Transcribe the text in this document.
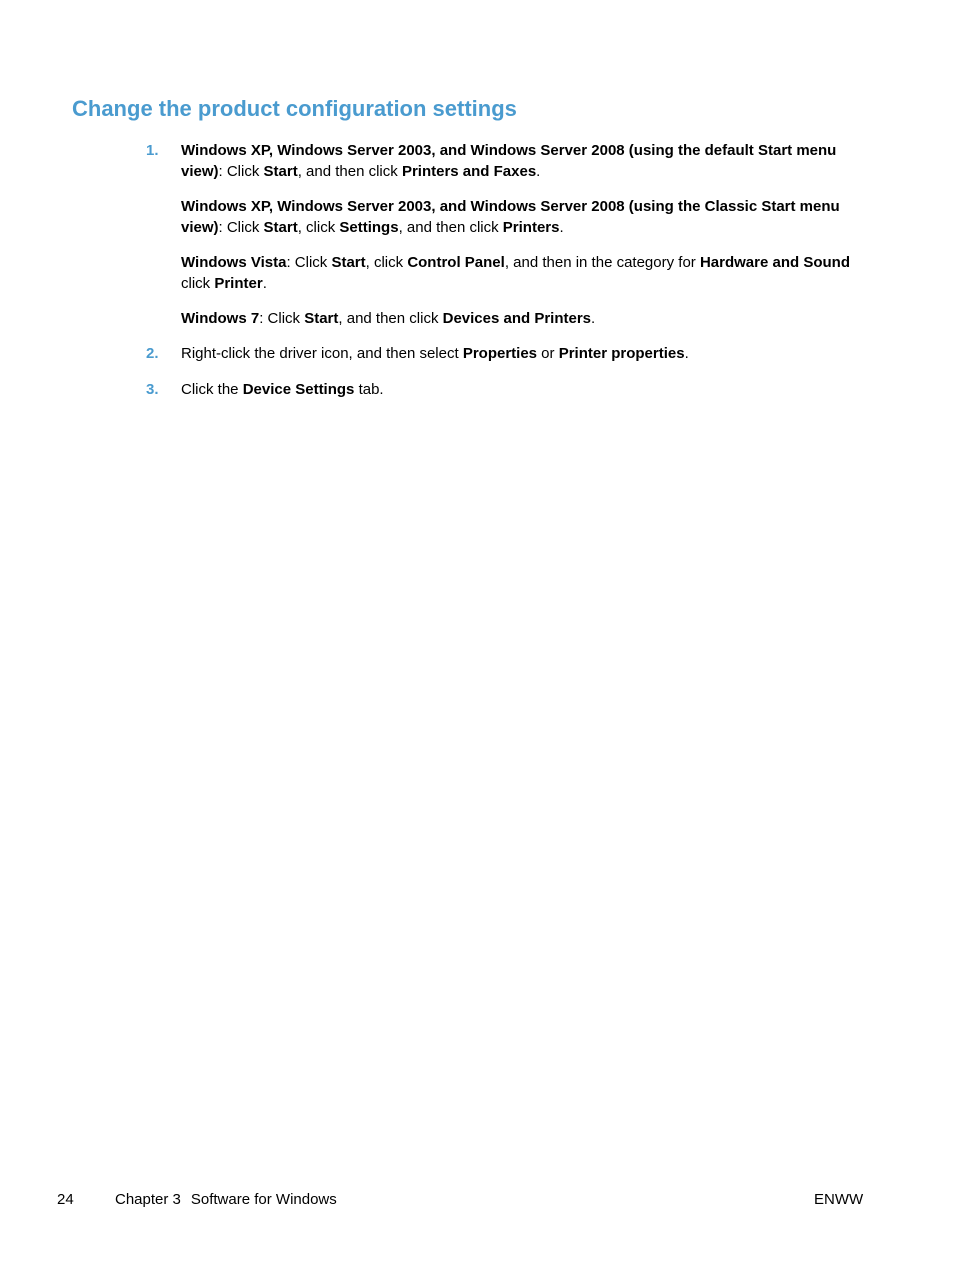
Change the product configuration settings
1. Windows XP, Windows Server 2003, and Windows Server 2008 (using the default Start menu view): Click Start, and then click Printers and Faxes.

Windows XP, Windows Server 2003, and Windows Server 2008 (using the Classic Start menu view): Click Start, click Settings, and then click Printers.

Windows Vista: Click Start, click Control Panel, and then in the category for Hardware and Sound click Printer.

Windows 7: Click Start, and then click Devices and Printers.

2. Right-click the driver icon, and then select Properties or Printer properties.

3. Click the Device Settings tab.

24	Chapter 3 Software for Windows	ENWW
